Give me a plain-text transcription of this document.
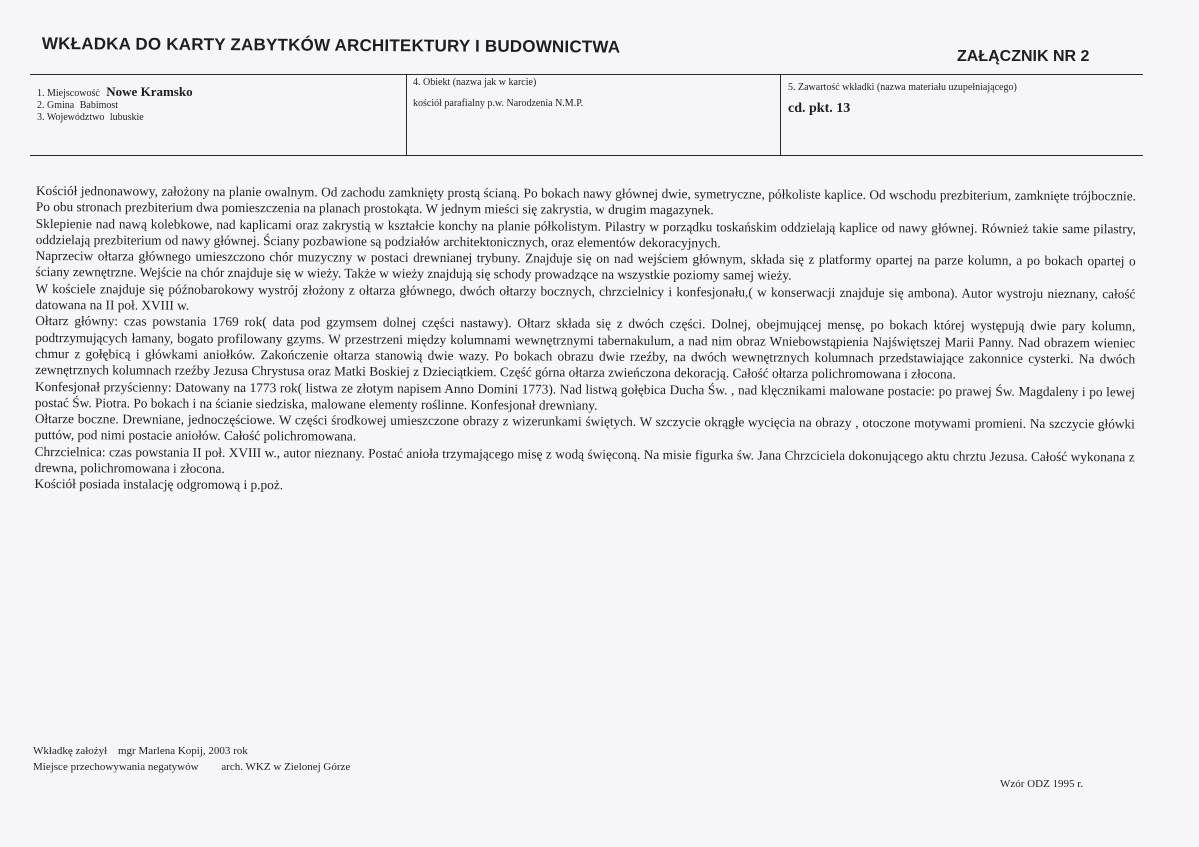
WKŁADKA DO KARTY ZABYTKÓW ARCHITEKTURY I BUDOWNICTWA	ZAŁĄCZNIK NR 2
1. Miejscowość Nowe Kramsko
2. Gmina Babimost
3. Województwo lubuskie
4. Obiekt (nazwa jak w karcie)
kościół parafialny p.w. Narodzenia N.M.P.
5. Zawartość wkładki (nazwa materiału uzupełniającego)
cd. pkt. 13

Kościół jednonawowy, założony na planie owalnym. Od zachodu zamknięty prostą ścianą. Po bokach nawy głównej dwie, symetryczne, półkoliste kaplice. Od wschodu prezbiterium, zamknięte trójbocznie. Po obu stronach prezbiterium dwa pomieszczenia na planach prostokąta. W jednym mieści się zakrystia, w drugim magazynek.

Sklepienie nad nawą kolebkowe, nad kaplicami oraz zakrystią w kształcie konchy na planie półkolistym. Pilastry w porządku toskańskim oddzielają kaplice od nawy głównej. Również takie same pilastry, oddzielają prezbiterium od nawy głównej. Ściany pozbawione są podziałów architektonicznych, oraz elementów dekoracyjnych.

Naprzeciw ołtarza głównego umieszczono chór muzyczny w postaci drewnianej trybuny. Znajduje się on nad wejściem głównym, składa się z platformy opartej na parze kolumn, a po bokach opartej o ściany zewnętrzne. Wejście na chór znajduje się w wieży. Także w wieży znajdują się schody prowadzące na wszystkie poziomy samej wieży.

W kościele znajduje się późnobarokowy wystrój złożony z ołtarza głównego, dwóch ołtarzy bocznych, chrzcielnicy i konfesjonału,( w konserwacji znajduje się ambona). Autor wystroju nieznany, całość datowana na II poł. XVIII w.

Ołtarz główny: czas powstania 1769 rok( data pod gzymsem dolnej części nastawy). Ołtarz składa się z dwóch części. Dolnej, obejmującej mensę, po bokach której występują dwie pary kolumn, podtrzymujących łamany, bogato profilowany gzyms. W przestrzeni między kolumnami wewnętrznymi tabernakulum, a nad nim obraz Wniebowstąpienia Najświętszej Marii Panny. Nad obrazem wieniec chmur z gołębicą i główkami aniołków. Zakończenie ołtarza stanowią dwie wazy. Po bokach obrazu dwie rzeźby, na dwóch wewnętrznych kolumnach przedstawiające zakonnice cysterki. Na dwóch zewnętrznych kolumnach rzeźby Jezusa Chrystusa oraz Matki Boskiej z Dzieciątkiem. Część górna ołtarza zwieńczona dekoracją. Całość ołtarza polichromowana i złocona.

Konfesjonał przyścienny: Datowany na 1773 rok( listwa ze złotym napisem Anno Domini 1773). Nad listwą gołębica Ducha Św. , nad klęcznikami malowane postacie: po prawej Św. Magdaleny i po lewej postać Św. Piotra. Po bokach i na ścianie siedziska, malowane elementy roślinne. Konfesjonał drewniany.

Ołtarze boczne. Drewniane, jednoczęściowe. W części środkowej umieszczone obrazy z wizerunkami świętych. W szczycie okrągłe wycięcia na obrazy , otoczone motywami promieni. Na szczycie główki puttów, pod nimi postacie aniołów. Całość polichromowana.

Chrzcielnica: czas powstania II poł. XVIII w., autor nieznany. Postać anioła trzymającego misę z wodą święconą. Na misie figurka św. Jana Chrzciciela dokonującego aktu chrztu Jezusa. Całość wykonana z drewna, polichromowana i złocona.

Kościół posiada instalację odgromową i p.poż.

Wkładkę założył mgr Marlena Kopij, 2003 rok
Miejsce przechowywania negatywów arch. WKZ w Zielonej Górze
Wzór ODZ 1995 r.
